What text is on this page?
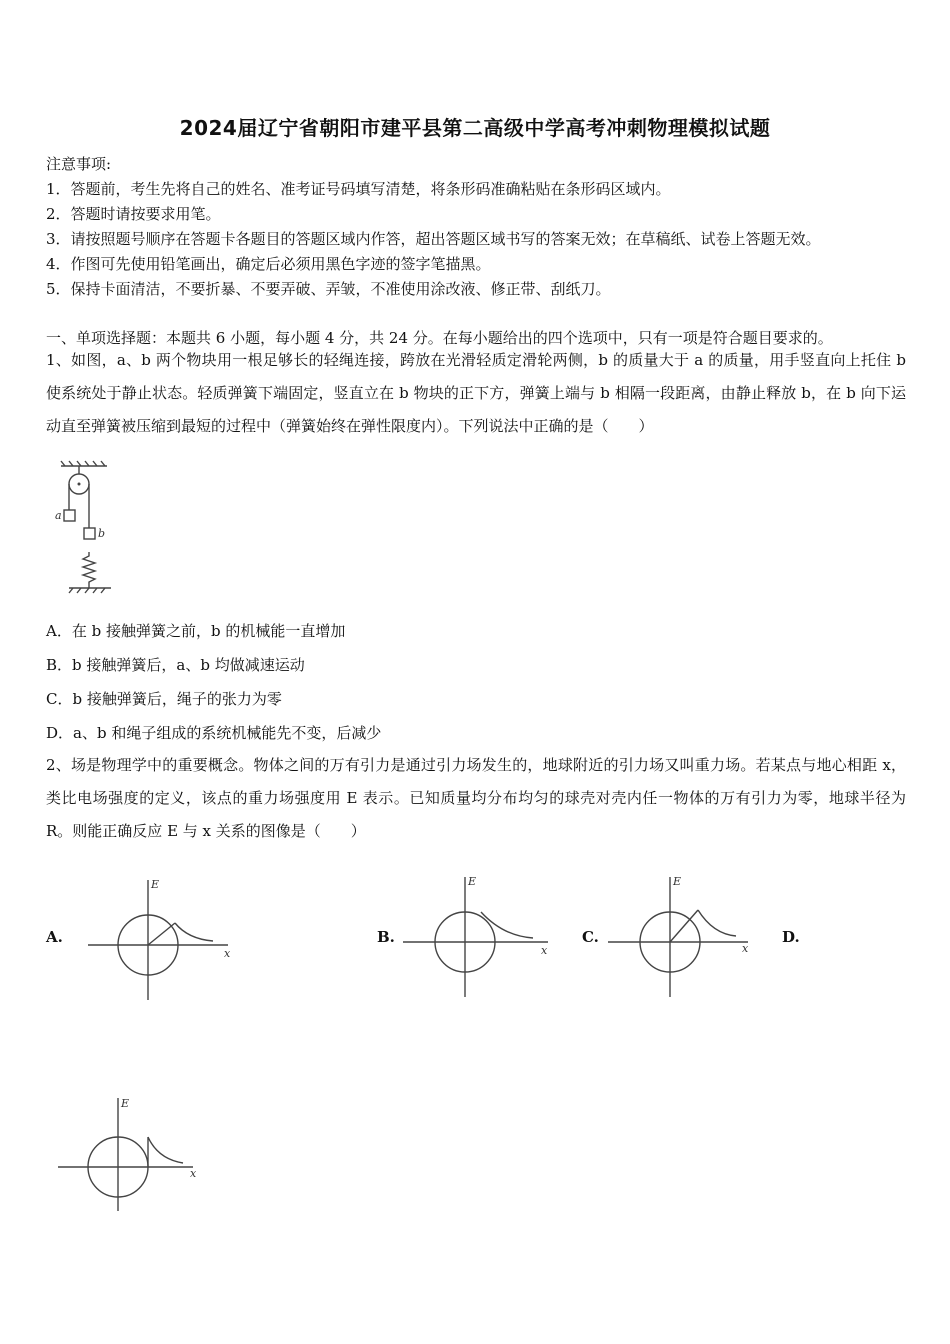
2024届辽宁省朝阳市建平县第二高级中学高考冲刺物理模拟试题
注意事项:
1．答题前，考生先将自己的姓名、准考证号码填写清楚，将条形码准确粘贴在条形码区域内。
2．答题时请按要求用笔。
3．请按照题号顺序在答题卡各题目的答题区域内作答，超出答题区域书写的答案无效；在草稿纸、试卷上答题无效。
4．作图可先使用铅笔画出，确定后必须用黑色字迹的签字笔描黑。
5．保持卡面清洁，不要折暴、不要弄破、弄皱，不准使用涂改液、修正带、刮纸刀。
一、单项选择题：本题共 6 小题，每小题 4 分，共 24 分。在每小题给出的四个选项中，只有一项是符合题目要求的。
1、如图，a、b 两个物块用一根足够长的轻绳连接，跨放在光滑轻质定滑轮两侧，b 的质量大于 a 的质量，用手竖直向上托住 b 使系统处于静止状态。轻质弹簧下端固定，竖直立在 b 物块的正下方，弹簧上端与 b 相隔一段距离，由静止释放 b，在 b 向下运动直至弹簧被压缩到最短的过程中（弹簧始终在弹性限度内）。下列说法中正确的是（　　）
a
b
A．在 b 接触弹簧之前，b 的机械能一直增加
B．b 接触弹簧后，a、b 均做减速运动
C．b 接触弹簧后，绳子的张力为零
D．a、b 和绳子组成的系统机械能先不变，后减少
2、场是物理学中的重要概念。物体之间的万有引力是通过引力场发生的，地球附近的引力场又叫重力场。若某点与地心相距 x，类比电场强度的定义，该点的重力场强度用 E 表示。已知质量均分布均匀的球壳对壳内任一物体的万有引力为零，地球半径为 R。则能正确反应 E 与 x 关系的图像是（　　）
A.	B.	C.	D.
E
x
E
x
E
x
E
x
